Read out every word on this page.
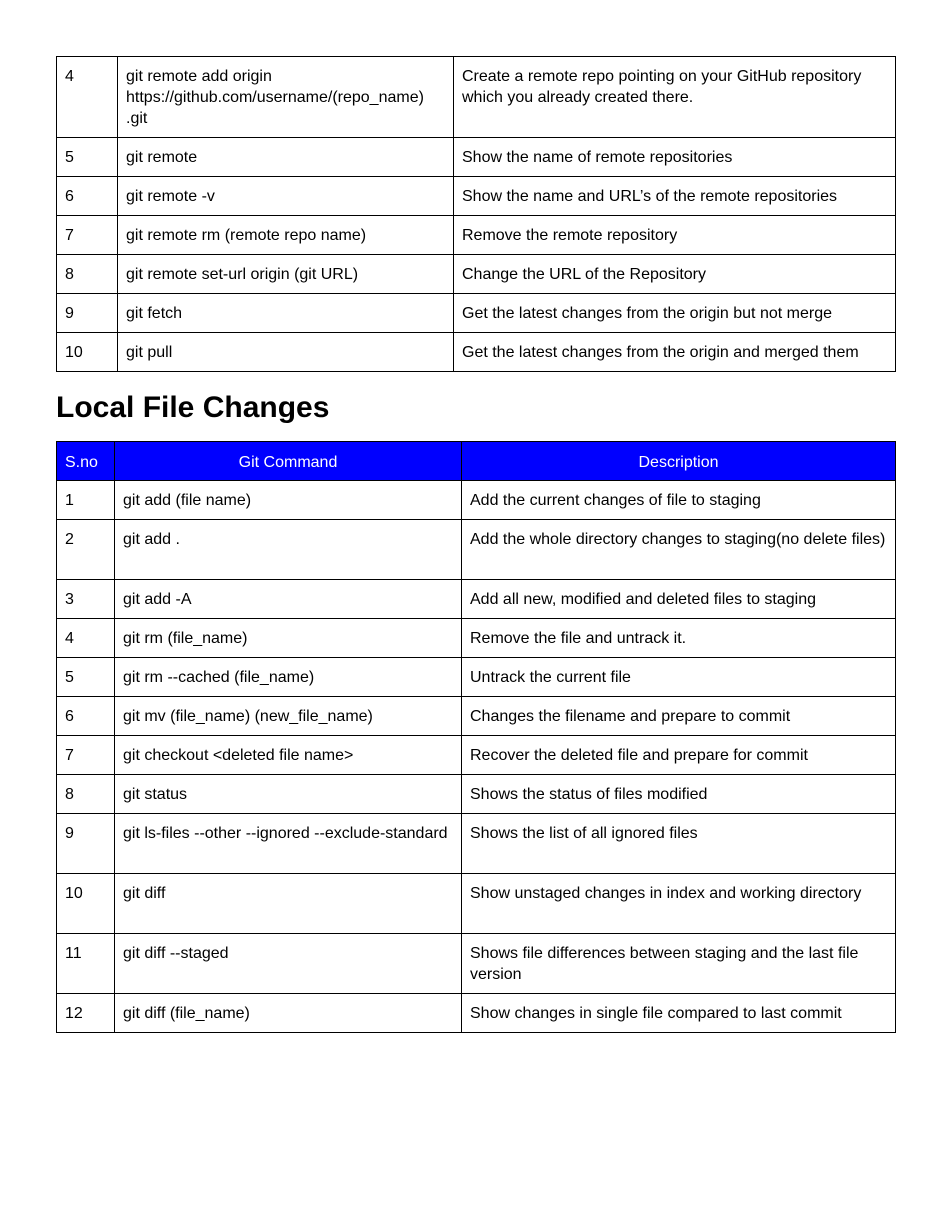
4	git remote add origin
https://github.com/username/(repo_name)
.git	Create a remote repo pointing on your GitHub repository which you already created there.
5	git remote	Show the name of remote repositories
6	git remote -v	Show the name and URL’s of the remote repositories
7	git remote rm (remote repo name)	Remove the remote repository
8	git remote set-url origin (git URL)	Change the URL of the Repository
9	git fetch	Get the latest changes from the origin but not merge
10	git pull	Get the latest changes from the origin and merged them
Local File Changes
S.no	Git Command	Description
1	git add (file name)	Add the current changes of file to staging
2	git add .	Add the whole directory changes to staging(no delete files)
3	git add -A	Add all new, modified and deleted files to staging
4	git rm (file_name)	Remove the file and untrack it.
5	git rm --cached (file_name)	Untrack the current file
6	git mv (file_name) (new_file_name)	Changes the filename and prepare to commit
7	git checkout <deleted file name>	Recover the deleted file and prepare for commit
8	git status	Shows the status of files modified
9	git ls-files --other --ignored --exclude-standard	Shows the list of all ignored files
10	git diff	Show unstaged changes in index and working directory
11	git diff --staged	Shows file differences between staging and the last file version
12	git diff (file_name)	Show changes in single file compared to last commit
